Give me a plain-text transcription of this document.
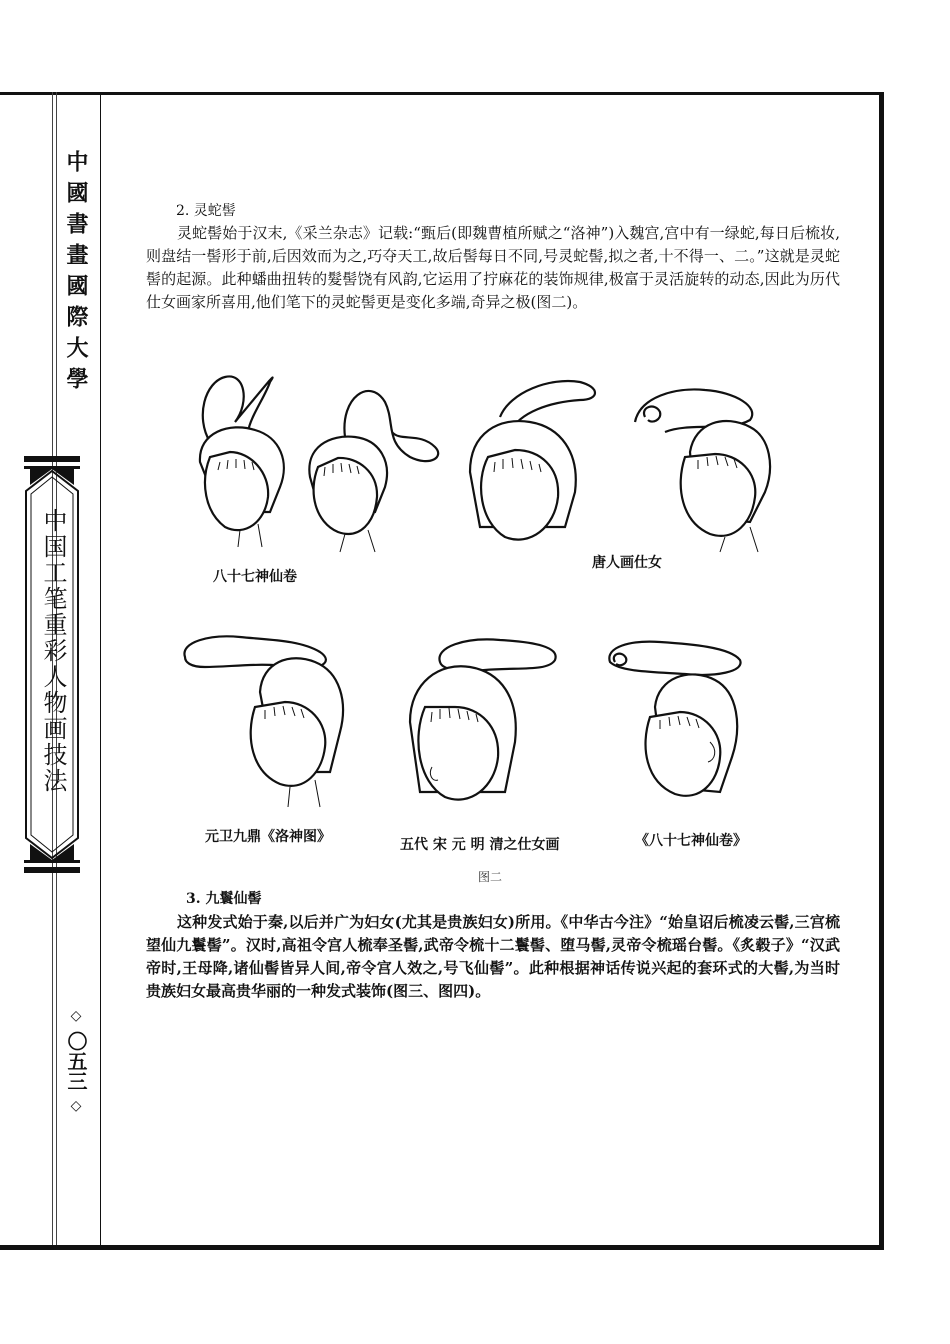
中國書畫國際大學
中国工笔重彩人物画技法
◇
〇五三
◇
2. 灵蛇髻
灵蛇髻始于汉末,《采兰杂志》记载:“甄后(即魏曹植所赋之“洛神”)入魏宫,宫中有一绿蛇,每日后梳妆,则盘结一髻形于前,后因效而为之,巧夺天工,故后髻每日不同,号灵蛇髻,拟之者,十不得一、二。”这就是灵蛇髻的起源。此种蟠曲扭转的髮髻饶有风韵,它运用了拧麻花的装饰规律,极富于灵活旋转的动态,因此为历代仕女画家所喜用,他们笔下的灵蛇髻更是变化多端,奇异之极(图二)。
八十七神仙卷
唐人画仕女
元卫九鼎《洛神图》	五代 宋 元 明 清之仕女画	《八十七神仙卷》
图二
3. 九鬟仙髻
这种发式始于秦,以后并广为妇女(尤其是贵族妇女)所用。《中华古今注》“始皇诏后梳凌云髻,三宫梳望仙九鬟髻”。汉时,高祖令宫人梳奉圣髻,武帝令梳十二鬟髻、堕马髻,灵帝令梳瑶台髻。《炙毂子》“汉武帝时,王母降,诸仙髻皆异人间,帝令宫人效之,号飞仙髻”。此种根据神话传说兴起的套环式的大髻,为当时贵族妇女最高贵华丽的一种发式装饰(图三、图四)。
